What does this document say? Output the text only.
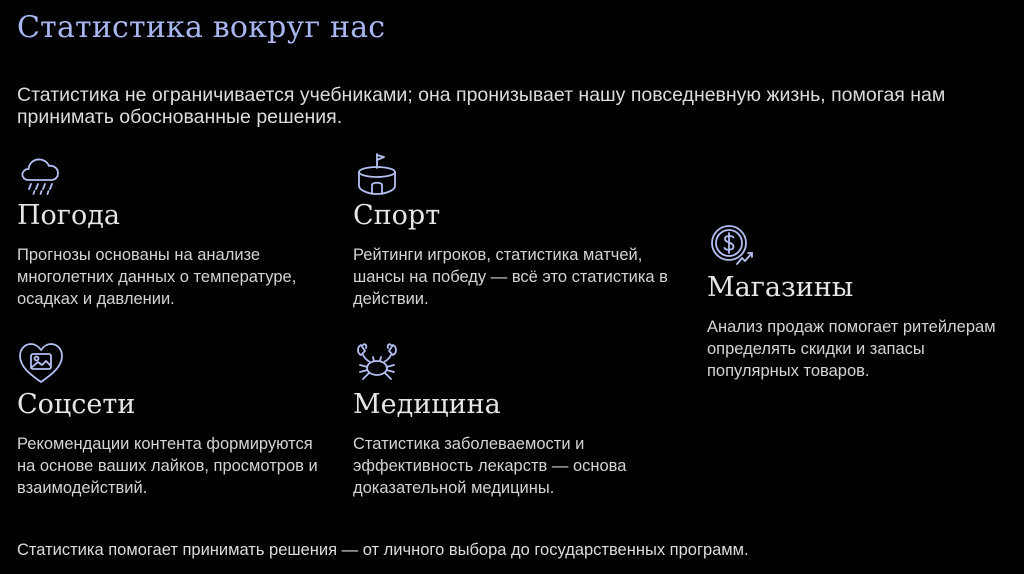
Статистика вокруг нас
Статистика не ограничивается учебниками; она пронизывает нашу повседневную жизнь, помогая нам принимать обоснованные решения.
Погода
Прогнозы основаны на анализе многолетних данных о температуре, осадках и давлении.
Спорт
Рейтинги игроков, статистика матчей, шансы на победу — всё это статистика в действии.	Магазины
Анализ продаж помогает ритейлерам определять скидки и запасы популярных товаров.
Соцсети
Рекомендации контента формируются на основе ваших лайков, просмотров и взаимодействий.
Медицина
Статистика заболеваемости и эффективность лекарств — основа доказательной медицины.
Статистика помогает принимать решения — от личного выбора до государственных программ.
